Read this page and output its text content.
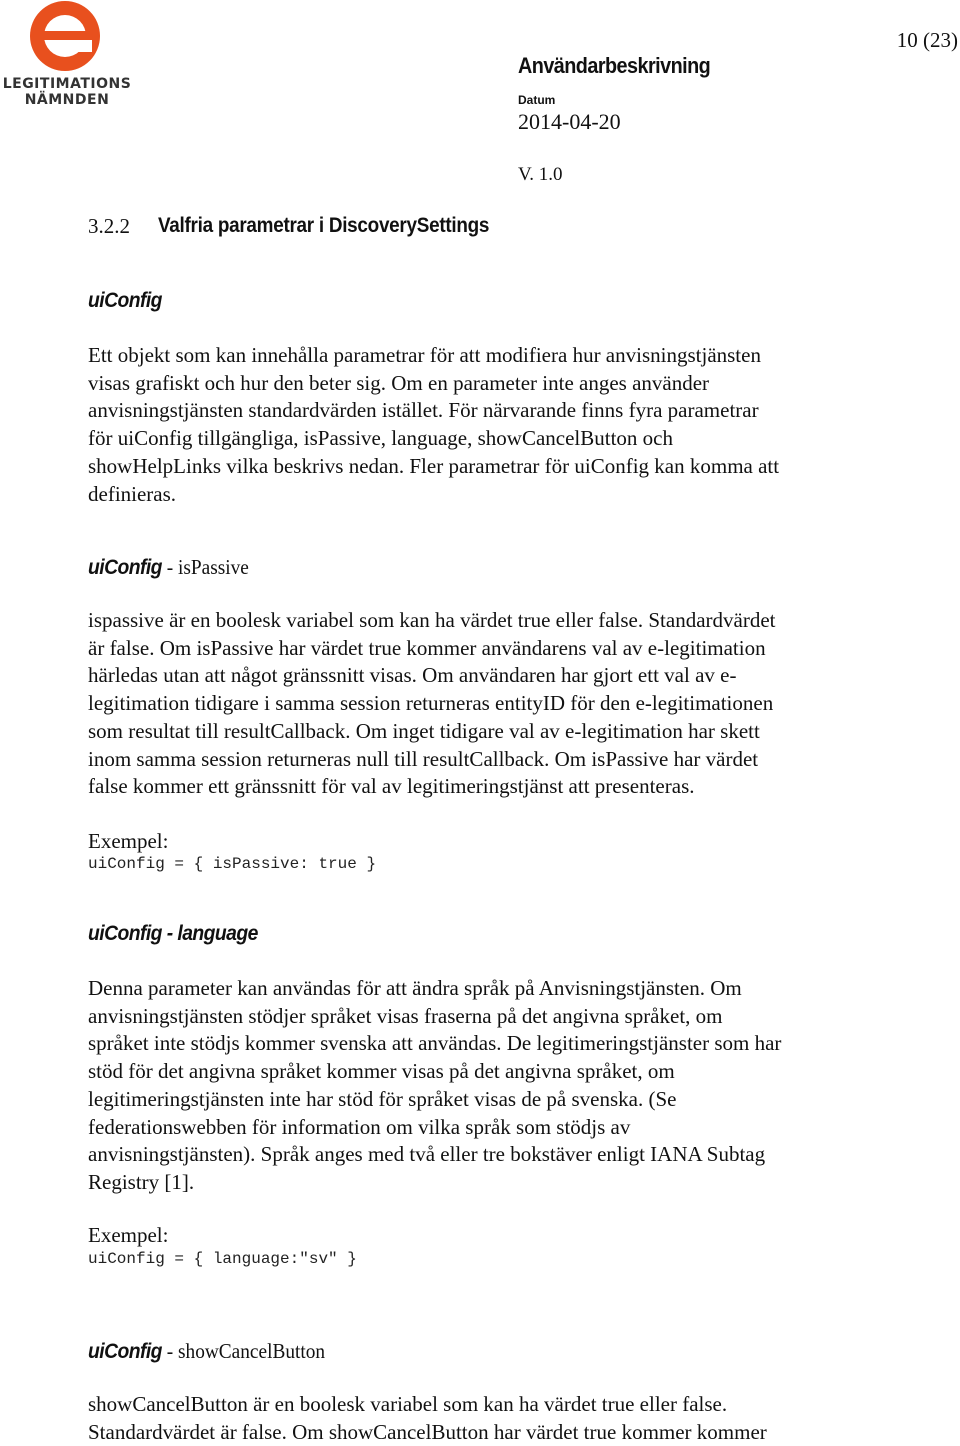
LEGITIMATIONS
NÄMNDEN
10 (23)
Användarbeskrivning
Datum
2014-04-20
V. 1.0
3.2.2 Valfria parametrar i DiscoverySettings
uiConfig

Ett objekt som kan innehålla parametrar för att modifiera hur anvisningstjänsten

visas grafiskt och hur den beter sig. Om en parameter inte anges använder

anvisningstjänsten standardvärden istället. För närvarande finns fyra parametrar

för uiConfig tillgängliga, isPassive, language, showCancelButton och

showHelpLinks vilka beskrivs nedan. Fler parametrar för uiConfig kan komma att

definieras.

uiConfig - isPassive

ispassive är en boolesk variabel som kan ha värdet true eller false. Standardvärdet

är false. Om isPassive har värdet true kommer användarens val av e-legitimation

härledas utan att något gränssnitt visas. Om användaren har gjort ett val av e-

legitimation tidigare i samma session returneras entityID för den e-legitimationen

som resultat till resultCallback. Om inget tidigare val av e-legitimation har skett

inom samma session returneras null till resultCallback. Om isPassive har värdet

false kommer ett gränssnitt för val av legitimeringstjänst att presenteras.

Exempel:
uiConfig = { isPassive: true }
uiConfig - language

Denna parameter kan användas för att ändra språk på Anvisningstjänsten. Om

anvisningstjänsten stödjer språket visas fraserna på det angivna språket, om

språket inte stödjs kommer svenska att användas. De legitimeringstjänster som har

stöd för det angivna språket kommer visas på det angivna språket, om

legitimeringstjänsten inte har stöd för språket visas de på svenska. (Se

federationswebben för information om vilka språk som stödjs av

anvisningstjänsten). Språk anges med två eller tre bokstäver enligt IANA Subtag

Registry [1].

Exempel:
uiConfig = { language:"sv" }
uiConfig - showCancelButton

showCancelButton är en boolesk variabel som kan ha värdet true eller false.

Standardvärdet är false. Om showCancelButton har värdet true kommer kommer
